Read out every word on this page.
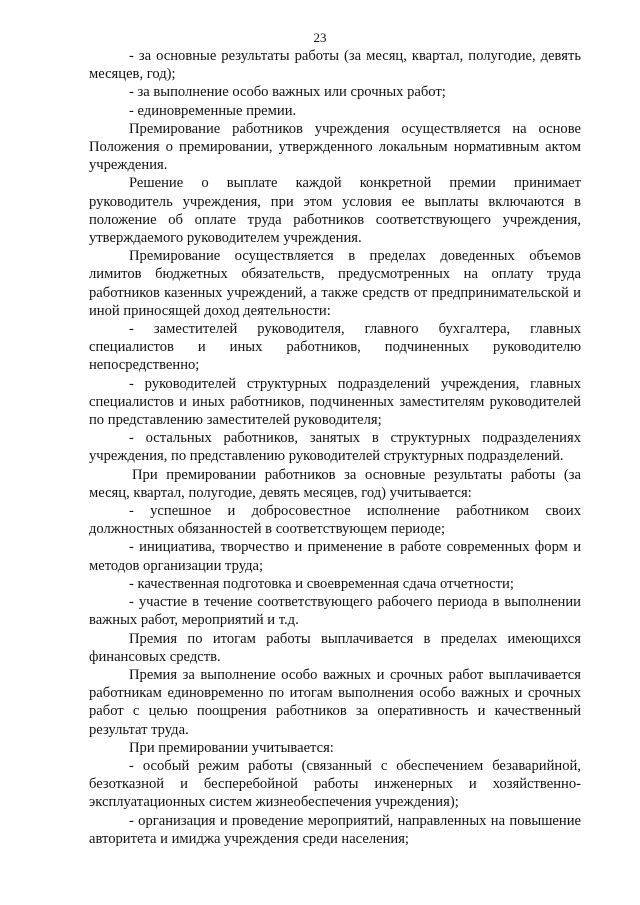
23

- за основные результаты работы (за месяц, квартал, полугодие, девять месяцев, год);

- за выполнение особо важных или срочных работ;

- единовременные премии.

Премирование работников учреждения осуществляется на основе Положения о премировании, утвержденного локальным нормативным актом учреждения.

Решение о выплате каждой конкретной премии принимает руководитель учреждения, при этом условия ее выплаты включаются в положение об оплате труда работников соответствующего учреждения, утверждаемого руководителем учреждения.

Премирование осуществляется в пределах доведенных объемов лимитов бюджетных обязательств, предусмотренных на оплату труда работников казенных учреждений, а также средств от предпринимательской и иной приносящей доход деятельности:

- заместителей руководителя, главного бухгалтера, главных специалистов и иных работников, подчиненных руководителю непосредственно;

- руководителей структурных подразделений учреждения, главных специалистов и иных работников, подчиненных заместителям руководителей по представлению заместителей руководителя;

- остальных работников, занятых в структурных подразделениях учреждения, по представлению руководителей структурных подразделений.

При премировании работников за основные результаты работы (за месяц, квартал, полугодие, девять месяцев, год) учитывается:

- успешное и добросовестное исполнение работником своих должностных обязанностей в соответствующем периоде;

- инициатива, творчество и применение в работе современных форм и методов организации труда;

- качественная подготовка и своевременная сдача отчетности;

- участие в течение соответствующего рабочего периода в выполнении важных работ, мероприятий и т.д.

Премия по итогам работы выплачивается в пределах имеющихся финансовых средств.

Премия за выполнение особо важных и срочных работ выплачивается работникам единовременно по итогам выполнения особо важных и срочных работ с целью поощрения работников за оперативность и качественный результат труда.

При премировании учитывается:

- особый режим работы (связанный с обеспечением безаварийной, безотказной и бесперебойной работы инженерных и хозяйственно-эксплуатационных систем жизнеобеспечения учреждения);

- организация и проведение мероприятий, направленных на повышение авторитета и имиджа учреждения среди населения;
